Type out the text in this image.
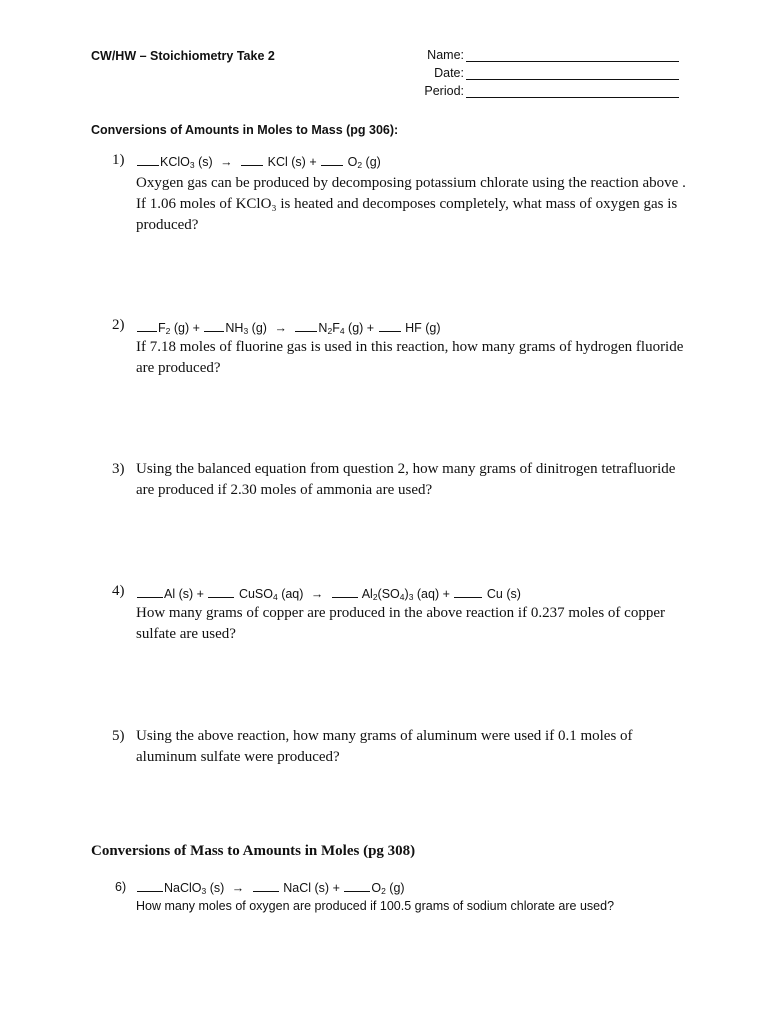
CW/HW – Stoichiometry Take 2	Name:
Date:
Period:
Conversions of Amounts in Moles to Mass (pg 306):
1)	KClO$_3$ (s) →	KCl $(s) + O_2$ (g)
Oxygen gas can be produced by decomposing potassium chlorate using the reaction above . If 1.06 moles of KClO₃ is heated and decomposes completely, what mass of oxygen gas is produced?
2)	$F_2$ $(g) + NH_3$ (g) →	$N_2F_4$ (g) + HF (g)
If 7.18 moles of fluorine gas is used in this reaction, how many grams of hydrogen fluoride are produced?
3) Using the balanced equation from question 2, how many grams of dinitrogen tetrafluoride are produced if 2.30 moles of ammonia are used?
4)	Al (s) +	CuSO$_4$ (aq) →	$Al_2(SO_4)_3$ (aq) +	Cu (s)
How many grams of copper are produced in the above reaction if 0.237 moles of copper sulfate are used?
5) Using the above reaction, how many grams of aluminum were used if 0.1 moles of aluminum sulfate were produced?
Conversions of Mass to Amounts in Moles (pg 308)
6)	NaClO$_3$ (s) →	NaCl (s) +	$O_2$ (g)
How many moles of oxygen are produced if 100.5 grams of sodium chlorate are used?
